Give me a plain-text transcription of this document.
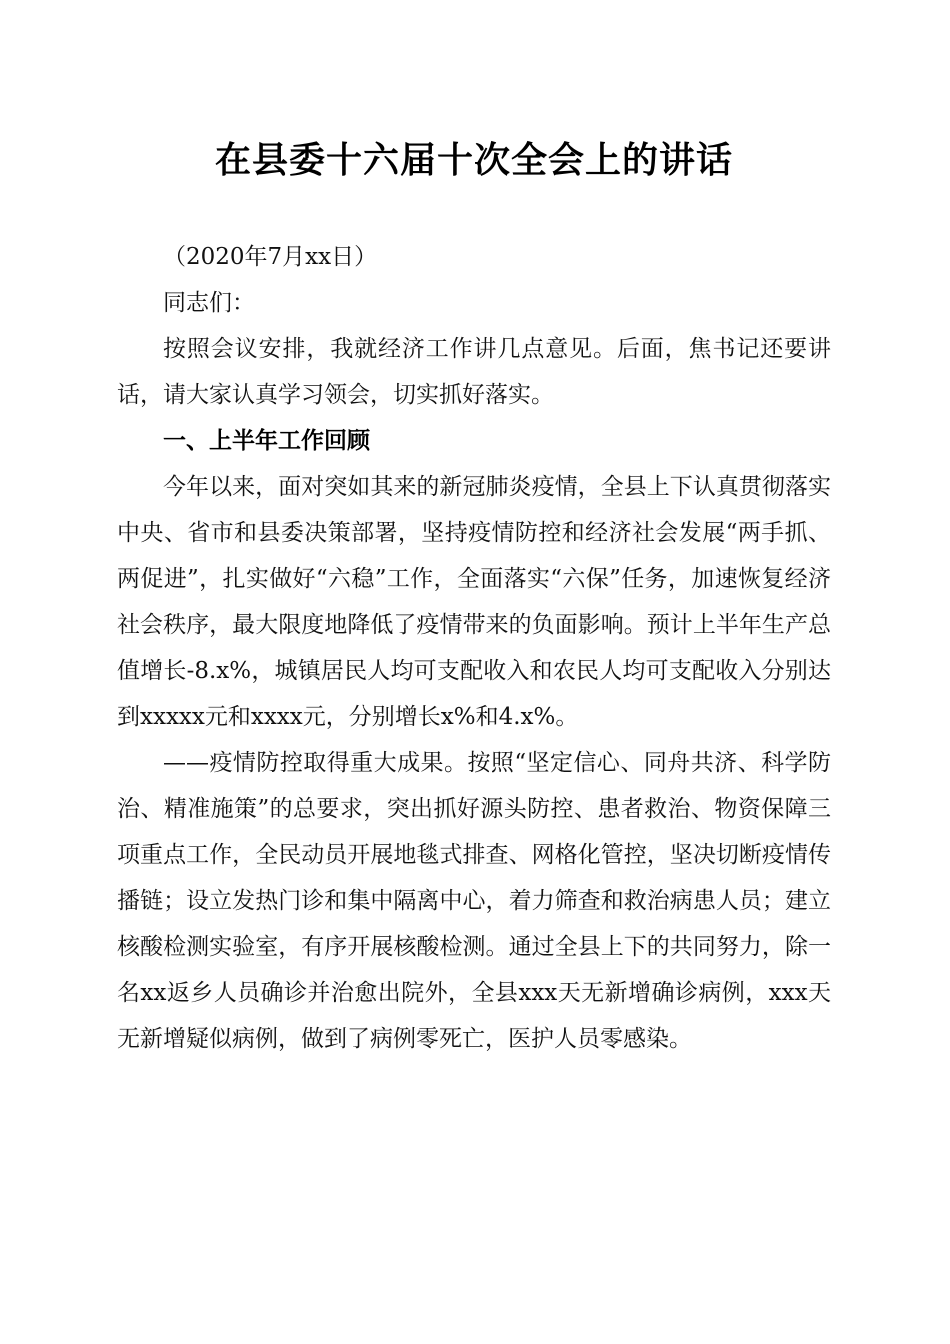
在县委十六届十次全会上的讲话

（2020年7月xx日）

同志们：

按照会议安排，我就经济工作讲几点意见。后面，焦书记还要讲话，请大家认真学习领会，切实抓好落实。

一、上半年工作回顾

今年以来，面对突如其来的新冠肺炎疫情，全县上下认真贯彻落实中央、省市和县委决策部署，坚持疫情防控和经济社会发展“两手抓、两促进”，扎实做好“六稳”工作，全面落实“六保”任务，加速恢复经济社会秩序，最大限度地降低了疫情带来的负面影响。预计上半年生产总值增长-8.x%，城镇居民人均可支配收入和农民人均可支配收入分别达到xxxxx元和xxxx元，分别增长x%和4.x%。

——疫情防控取得重大成果。按照“坚定信心、同舟共济、科学防治、精准施策”的总要求，突出抓好源头防控、患者救治、物资保障三项重点工作，全民动员开展地毯式排查、网格化管控，坚决切断疫情传播链；设立发热门诊和集中隔离中心，着力筛查和救治病患人员；建立核酸检测实验室，有序开展核酸检测。通过全县上下的共同努力，除一名xx返乡人员确诊并治愈出院外，全县xxx天无新增确诊病例，xxx天无新增疑似病例，做到了病例零死亡，医护人员零感染。
